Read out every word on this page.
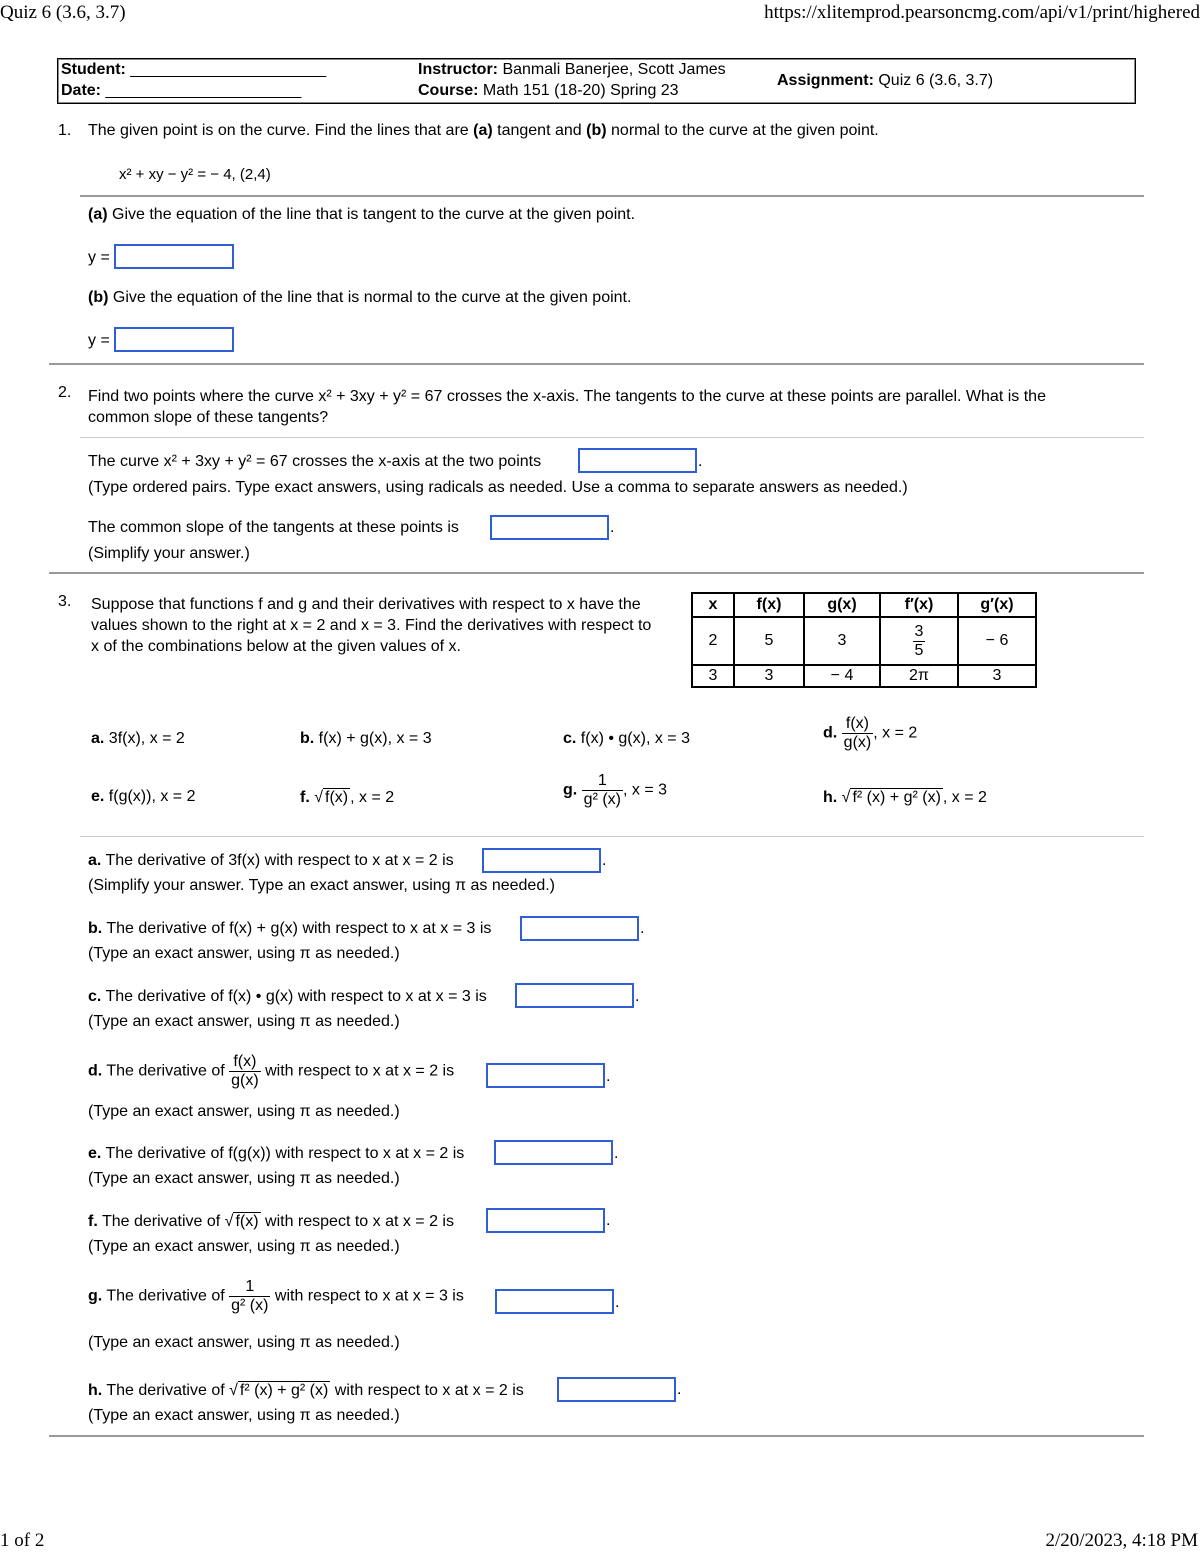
Quiz 6 (3.6, 3.7)	https://xlitemprod.pearsoncmg.com/api/v1/print/highered
1 of 2	2/20/2023, 4:18 PM
Student: ______________________
Date: ______________________
Instructor: Banmali Banerjee, Scott James
Course: Math 151 (18-20) Spring 23
Assignment: Quiz 6 (3.6, 3.7)
1. The given point is on the curve. Find the lines that are (a) tangent and (b) normal to the curve at the given point.
x² + xy − y² = − 4, (2,4)
(a) Give the equation of the line that is tangent to the curve at the given point.
y =
(b) Give the equation of the line that is normal to the curve at the given point.
y =
2. Find two points where the curve x² + 3xy + y² = 67 crosses the x-axis. The tangents to the curve at these points are parallel. What is the
common slope of these tangents?
The curve x² + 3xy + y² = 67 crosses the x-axis at the two points	.
(Type ordered pairs. Type exact answers, using radicals as needed. Use a comma to separate answers as needed.)
The common slope of the tangents at these points is	.
(Simplify your answer.)
3. Suppose that functions f and g and their derivatives with respect to x have the
values shown to the right at x = 2 and x = 3. Find the derivatives with respect to
x of the combinations below at the given values of x.
x	f(x)	g(x)	f′(x)	g′(x)
2	5	3	$\frac{3}{5}$	− 6
3	3	− 4	2π	3
a. 3f(x), x = 2	b. f(x) + g(x), x = 3	c. f(x) • g(x), x = 3	d. $\frac{f(x)}{g(x)}$ , x = 2
e. f(g(x)), x = 2	f. √ f(x) , x = 2	g. $\frac{1}{\text{g² (x)}}$ , x = 3	h. √ f² (x) + g² (x) , x = 2
a. The derivative of 3f(x) with respect to x at x = 2 is	.
(Simplify your answer. Type an exact answer, using π as needed.)
b. The derivative of f(x) + g(x) with respect to x at x = 3 is	.
(Type an exact answer, using π as needed.)
c. The derivative of f(x) • g(x) with respect to x at x = 3 is	.
(Type an exact answer, using π as needed.)
d. The derivative of $\frac{f(x)}{g(x)}$ with respect to x at x = 2 is	.
(Type an exact answer, using π as needed.)
e. The derivative of f(g(x)) with respect to x at x = 2 is	.
(Type an exact answer, using π as needed.)
f. The derivative of √ f(x) with respect to x at x = 2 is	.
(Type an exact answer, using π as needed.)
g. The derivative of $\frac{1}{\text{g² (x)}}$ with respect to x at x = 3 is	.
(Type an exact answer, using π as needed.)
h. The derivative of √ f² (x) + g² (x) with respect to x at x = 2 is	.
(Type an exact answer, using π as needed.)
